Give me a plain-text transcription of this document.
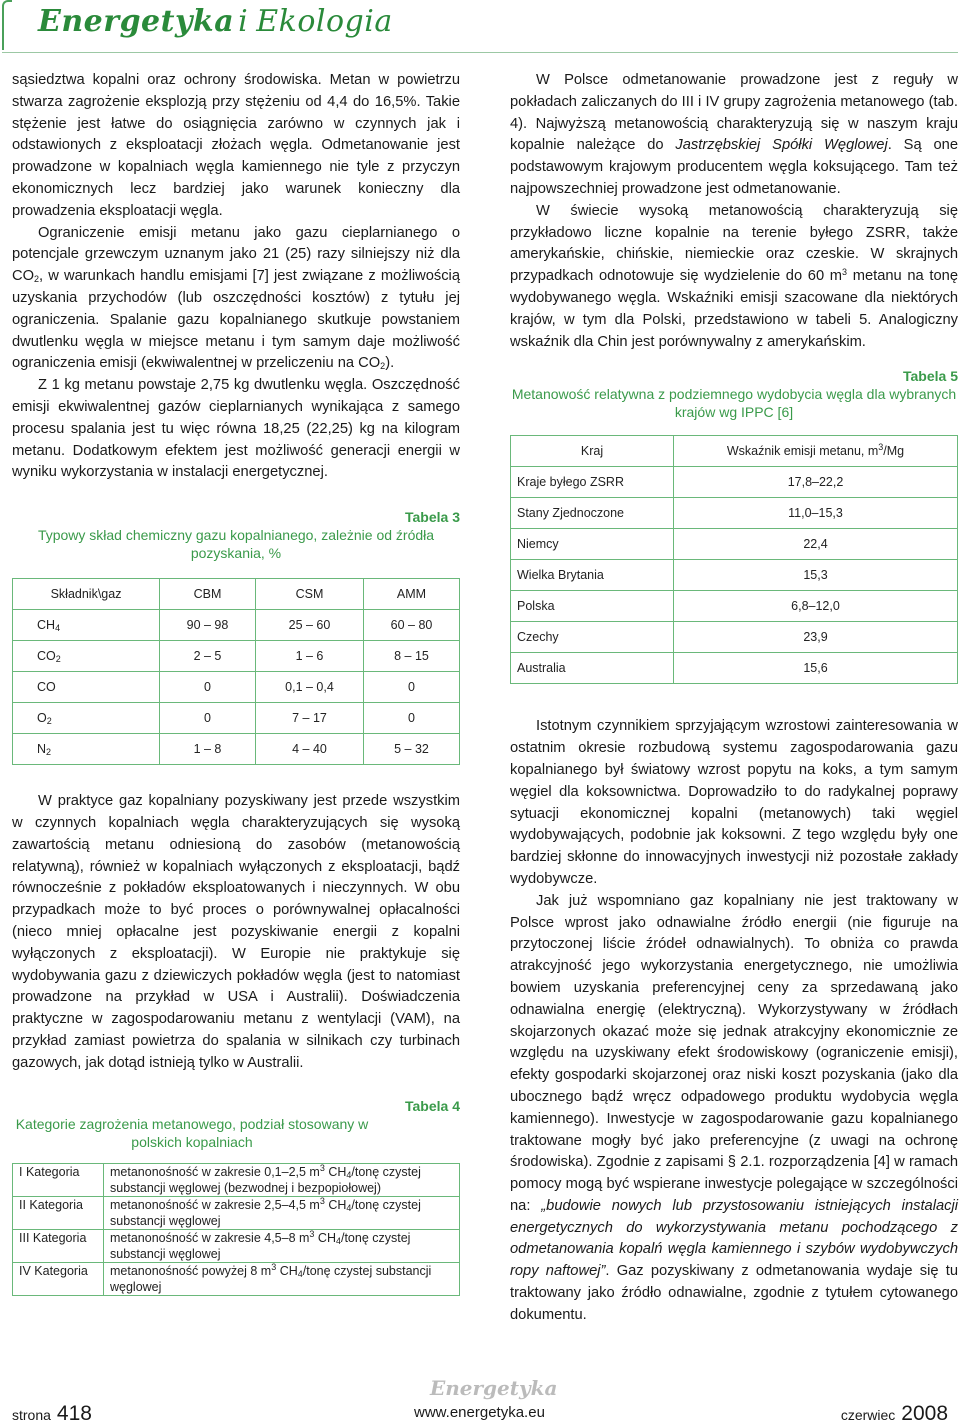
Energetyka i Ekologia

sąsiedztwa kopalni oraz ochrony środowiska. Metan w powietrzu stwarza zagrożenie eksplozją przy stężeniu od 4,4 do 16,5%. Takie stężenie jest łatwe do osiągnięcia zarówno w czynnych jak i odstawionych z eksploatacji złożach węgla. Odmetanowanie jest prowadzone w kopalniach węgla kamiennego nie tyle z przyczyn ekonomicznych lecz bardziej jako warunek konieczny dla prowadzenia eksploatacji węgla.

Ograniczenie emisji metanu jako gazu cieplarnianego o potencjale grzewczym uznanym jako 21 (25) razy silniejszy niż dla $CO_2$, w warunkach handlu emisjami [7] jest związane z możliwością uzyskania przychodów (lub oszczędności kosztów) z tytułu jej ograniczenia. Spalanie gazu kopalnianego skutkuje powstaniem dwutlenku węgla w miejsce metanu i tym samym daje możliwość ograniczenia emisji (ekwiwalentnej w przeliczeniu na $CO_2$).

Z 1 kg metanu powstaje 2,75 kg dwutlenku węgla. Oszczędność emisji ekwiwalentnej gazów cieplarnianych wynikająca z samego procesu spalania jest tu więc równa 18,25 (22,25) kg na kilogram metanu. Dodatkowym efektem jest możliwość generacji energii w wyniku wykorzystania w instalacji energetycznej.

Tabela 3

Typowy skład chemiczny gazu kopalnianego, zależnie od źródła pozyskania, %

Składnik\gaz	CBM	CSM	AMM
$CH_4$	90 – 98	25 – 60	60 – 80
$CO_2$	2 – 5	1 – 6	8 – 15
CO	0	0,1 – 0,4	0
$O_2$	0	7 – 17	0
$N_2$	1 – 8	4 – 40	5 – 32

W praktyce gaz kopalniany pozyskiwany jest przede wszystkim w czynnych kopalniach węgla charakteryzujących się wysoką zawartością metanu odniesioną do zasobów (metanowością relatywną), również w kopalniach wyłączonych z eksploatacji, bądź równocześnie z pokładów eksploatowanych i nieczynnych. W obu przypadkach może to być proces o porównywalnej opłacalności (nieco mniej opłacalne jest pozyskiwanie energii z kopalni wyłączonych z eksploatacji). W Europie nie praktykuje się wydobywania gazu z dziewiczych pokładów węgla (jest to natomiast prowadzone na przykład w USA i Australii). Doświadczenia praktyczne w zagospodarowaniu metanu z wentylacji (VAM), na przykład zamiast powietrza do spalania w silnikach czy turbinach gazowych, jak dotąd istnieją tylko w Australii.

Tabela 4

Kategorie zagrożenia metanowego, podział stosowany w polskich kopalniach

I Kategoria	metanonośność w zakresie 0,1–2,5 $m^3$ $CH_4$/tonę czystej substancji węglowej (bezwodnej i bezpopiołowej)
II Kategoria	metanonośność w zakresie 2,5–4,5 $m^3$ $CH_4$/tonę czystej substancji węglowej
III Kategoria	metanonośność w zakresie 4,5–8 $m^3$ $CH_4$/tonę czystej substancji węglowej
IV Kategoria	metanonośność powyżej 8 $m^3$ $CH_4$/tonę czystej substancji węglowej

W Polsce odmetanowanie prowadzone jest z reguły w pokładach zaliczanych do III i IV grupy zagrożenia metanowego (tab. 4). Najwyższą metanowością charakteryzują się w naszym kraju kopalnie należące do Jastrzębskiej Spółki Węglowej. Są one podstawowym krajowym producentem węgla koksującego. Tam też najpowszechniej prowadzone jest odmetanowanie.

W świecie wysoką metanowością charakteryzują się przykładowo liczne kopalnie na terenie byłego ZSRR, także amerykańskie, chińskie, niemieckie oraz czeskie. W skrajnych przypadkach odnotowuje się wydzielenie do 60 $m^3$ metanu na tonę wydobywanego węgla. Wskaźniki emisji szacowane dla niektórych krajów, w tym dla Polski, przedstawiono w tabeli 5. Analogiczny wskaźnik dla Chin jest porównywalny z amerykańskim.

Tabela 5

Metanowość relatywna z podziemnego wydobycia węgla dla wybranych krajów wg IPPC [6]

Kraj	Wskaźnik emisji metanu, $m^3/Mg$
Kraje byłego ZSRR	17,8–22,2
Stany Zjednoczone	11,0–15,3
Niemcy	22,4
Wielka Brytania	15,3
Polska	6,8–12,0
Czechy	23,9
Australia	15,6

Istotnym czynnikiem sprzyjającym wzrostowi zainteresowania w ostatnim okresie rozbudową systemu zagospodarowania gazu kopalnianego był światowy wzrost popytu na koks, a tym samym węgiel dla koksownictwa. Doprowadziło to do radykalnej poprawy sytuacji ekonomicznej kopalni (metanowych) taki węgiel wydobywających, podobnie jak koksowni. Z tego względu były one bardziej skłonne do innowacyjnych inwestycji niż pozostałe zakłady wydobywcze.

Jak już wspomniano gaz kopalniany nie jest traktowany w Polsce wprost jako odnawialne źródło energii (nie figuruje na przytoczonej liście źródeł odnawialnych). To obniża co prawda atrakcyjność jego wykorzystania energetycznego, nie umożliwia bowiem uzyskania preferencyjnej ceny za sprzedawaną jako odnawialna energię (elektryczną). Wykorzystywany w źródłach skojarzonych okazać może się jednak atrakcyjny ekonomicznie ze względu na uzyskiwany efekt środowiskowy (ograniczenie emisji), efekty gospodarki skojarzonej oraz niski koszt pozyskania (jako dla ubocznego bądź wręcz odpadowego produktu wydobycia węgla kamiennego). Inwestycje w zagospodarowanie gazu kopalnianego traktowane mogły być jako preferencyjne (z uwagi na ochronę środowiska). Zgodnie z zapisami § 2.1. rozporządzenia [4] w ramach pomocy mogą być wspierane inwestycje polegające w szczególności na: „budowie nowych lub przystosowaniu istniejących instalacji energetycznych do wykorzystywania metanu pochodzącego z odmetanowania kopalń węgla kamiennego i szybów wydobywczych ropy naftowej”. Gaz pozyskiwany z odmetanowania wydaje się tu traktowany jako źródło odnawialne, zgodnie z tytułem cytowanego dokumentu.

Energetyka
strona 418	www.energetyka.eu	czerwiec 2008
